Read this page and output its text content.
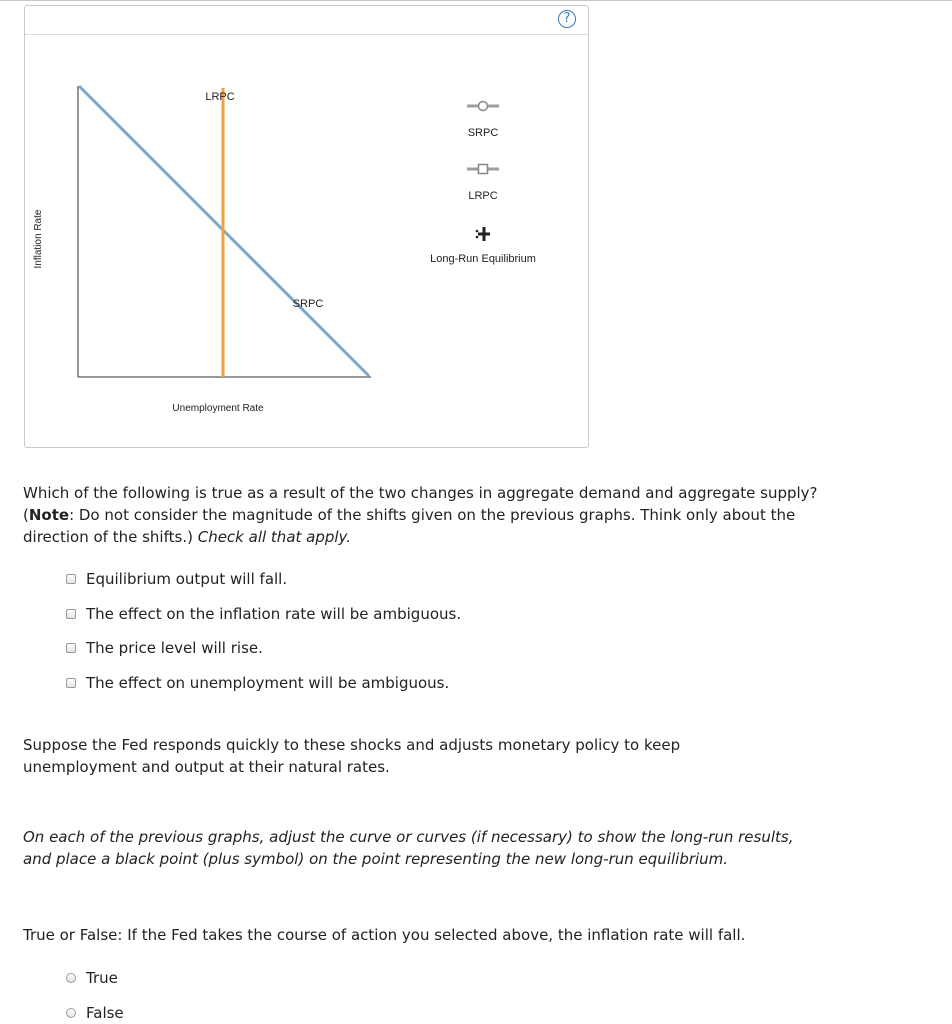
?
Inflation Rate
Unemployment Rate
LRPC
SRPC
SRPC
LRPC
Long-Run Equilibrium
Which of the following is true as a result of the two changes in aggregate demand and aggregate supply? (Note: Do not consider the magnitude of the shifts given on the previous graphs. Think only about the direction of the shifts.) Check all that apply.
Equilibrium output will fall.
The effect on the inflation rate will be ambiguous.
The price level will rise.
The effect on unemployment will be ambiguous.
Suppose the Fed responds quickly to these shocks and adjusts monetary policy to keep unemployment and output at their natural rates.
On each of the previous graphs, adjust the curve or curves (if necessary) to show the long-run results, and place a black point (plus symbol) on the point representing the new long-run equilibrium.
True or False: If the Fed takes the course of action you selected above, the inflation rate will fall.
True
False
